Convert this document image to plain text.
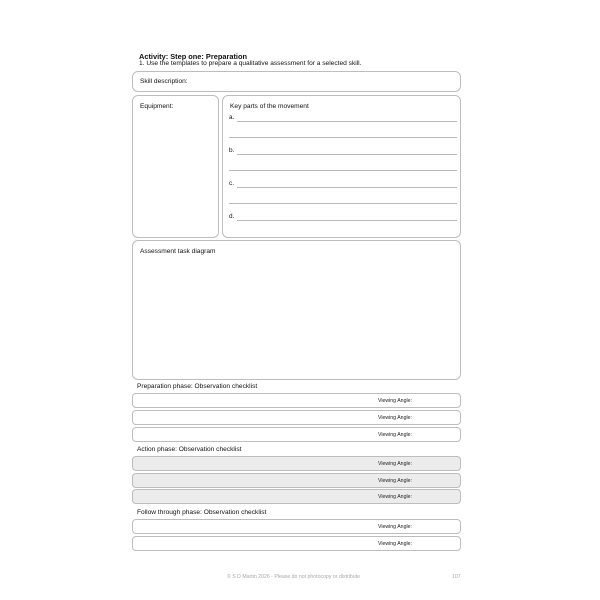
Activity: Step one: Preparation
1. Use the templates to prepare a qualitative assessment for a selected skill.
Skill description:
Equipment:	Key parts of the movement
a.
b.
c.
d.
Assessment task diagram
Preparation phase: Observation checklist
Viewing Angle:
Viewing Angle:
Viewing Angle:
Action phase: Observation checklist
Viewing Angle:
Viewing Angle:
Viewing Angle:
Follow through phase: Observation checklist
Viewing Angle:
Viewing Angle:
© S D Martin 2026 - Please do not photocopy or distribute	107
